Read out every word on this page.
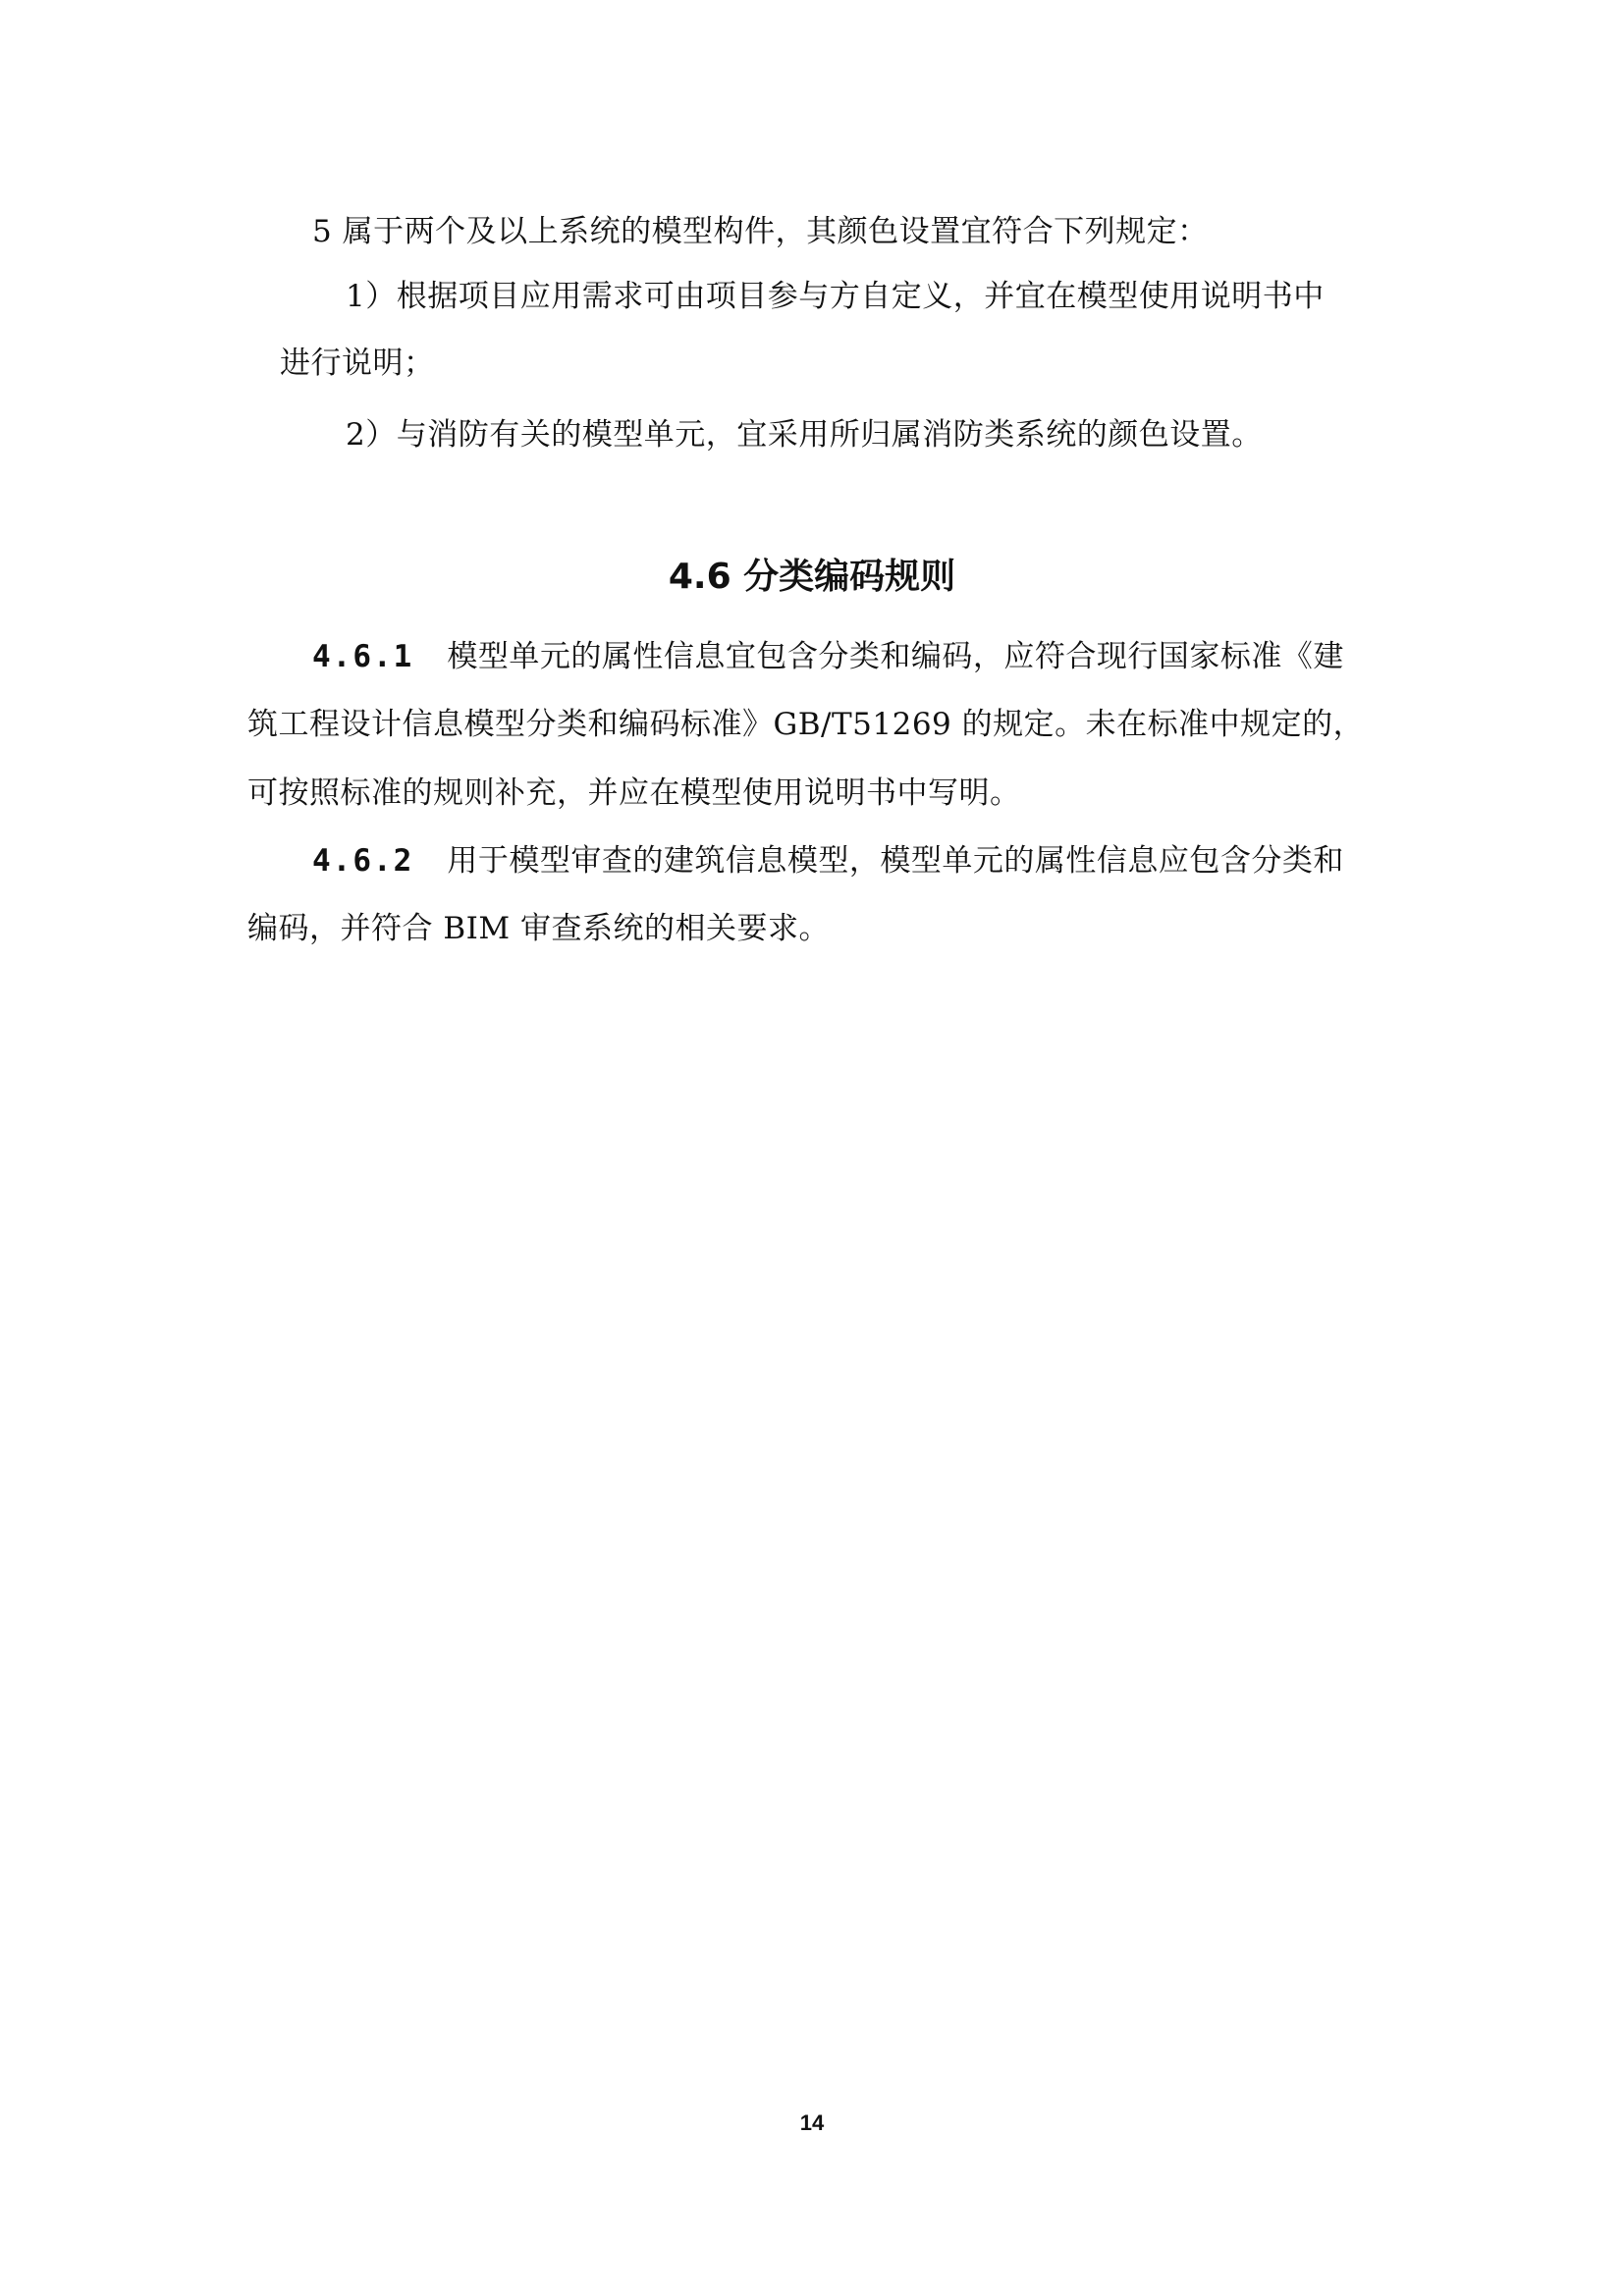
5 属于两个及以上系统的模型构件，其颜色设置宜符合下列规定：
1）根据项目应用需求可由项目参与方自定义，并宜在模型使用说明书中
进行说明；
2）与消防有关的模型单元，宜采用所归属消防类系统的颜色设置。
4.6 分类编码规则
4.6.1 模型单元的属性信息宜包含分类和编码，应符合现行国家标准《建
筑工程设计信息模型分类和编码标准》GB/T51269 的规定。未在标准中规定的，
可按照标准的规则补充，并应在模型使用说明书中写明。
4.6.2 用于模型审查的建筑信息模型，模型单元的属性信息应包含分类和
编码，并符合 BIM 审查系统的相关要求。
14
